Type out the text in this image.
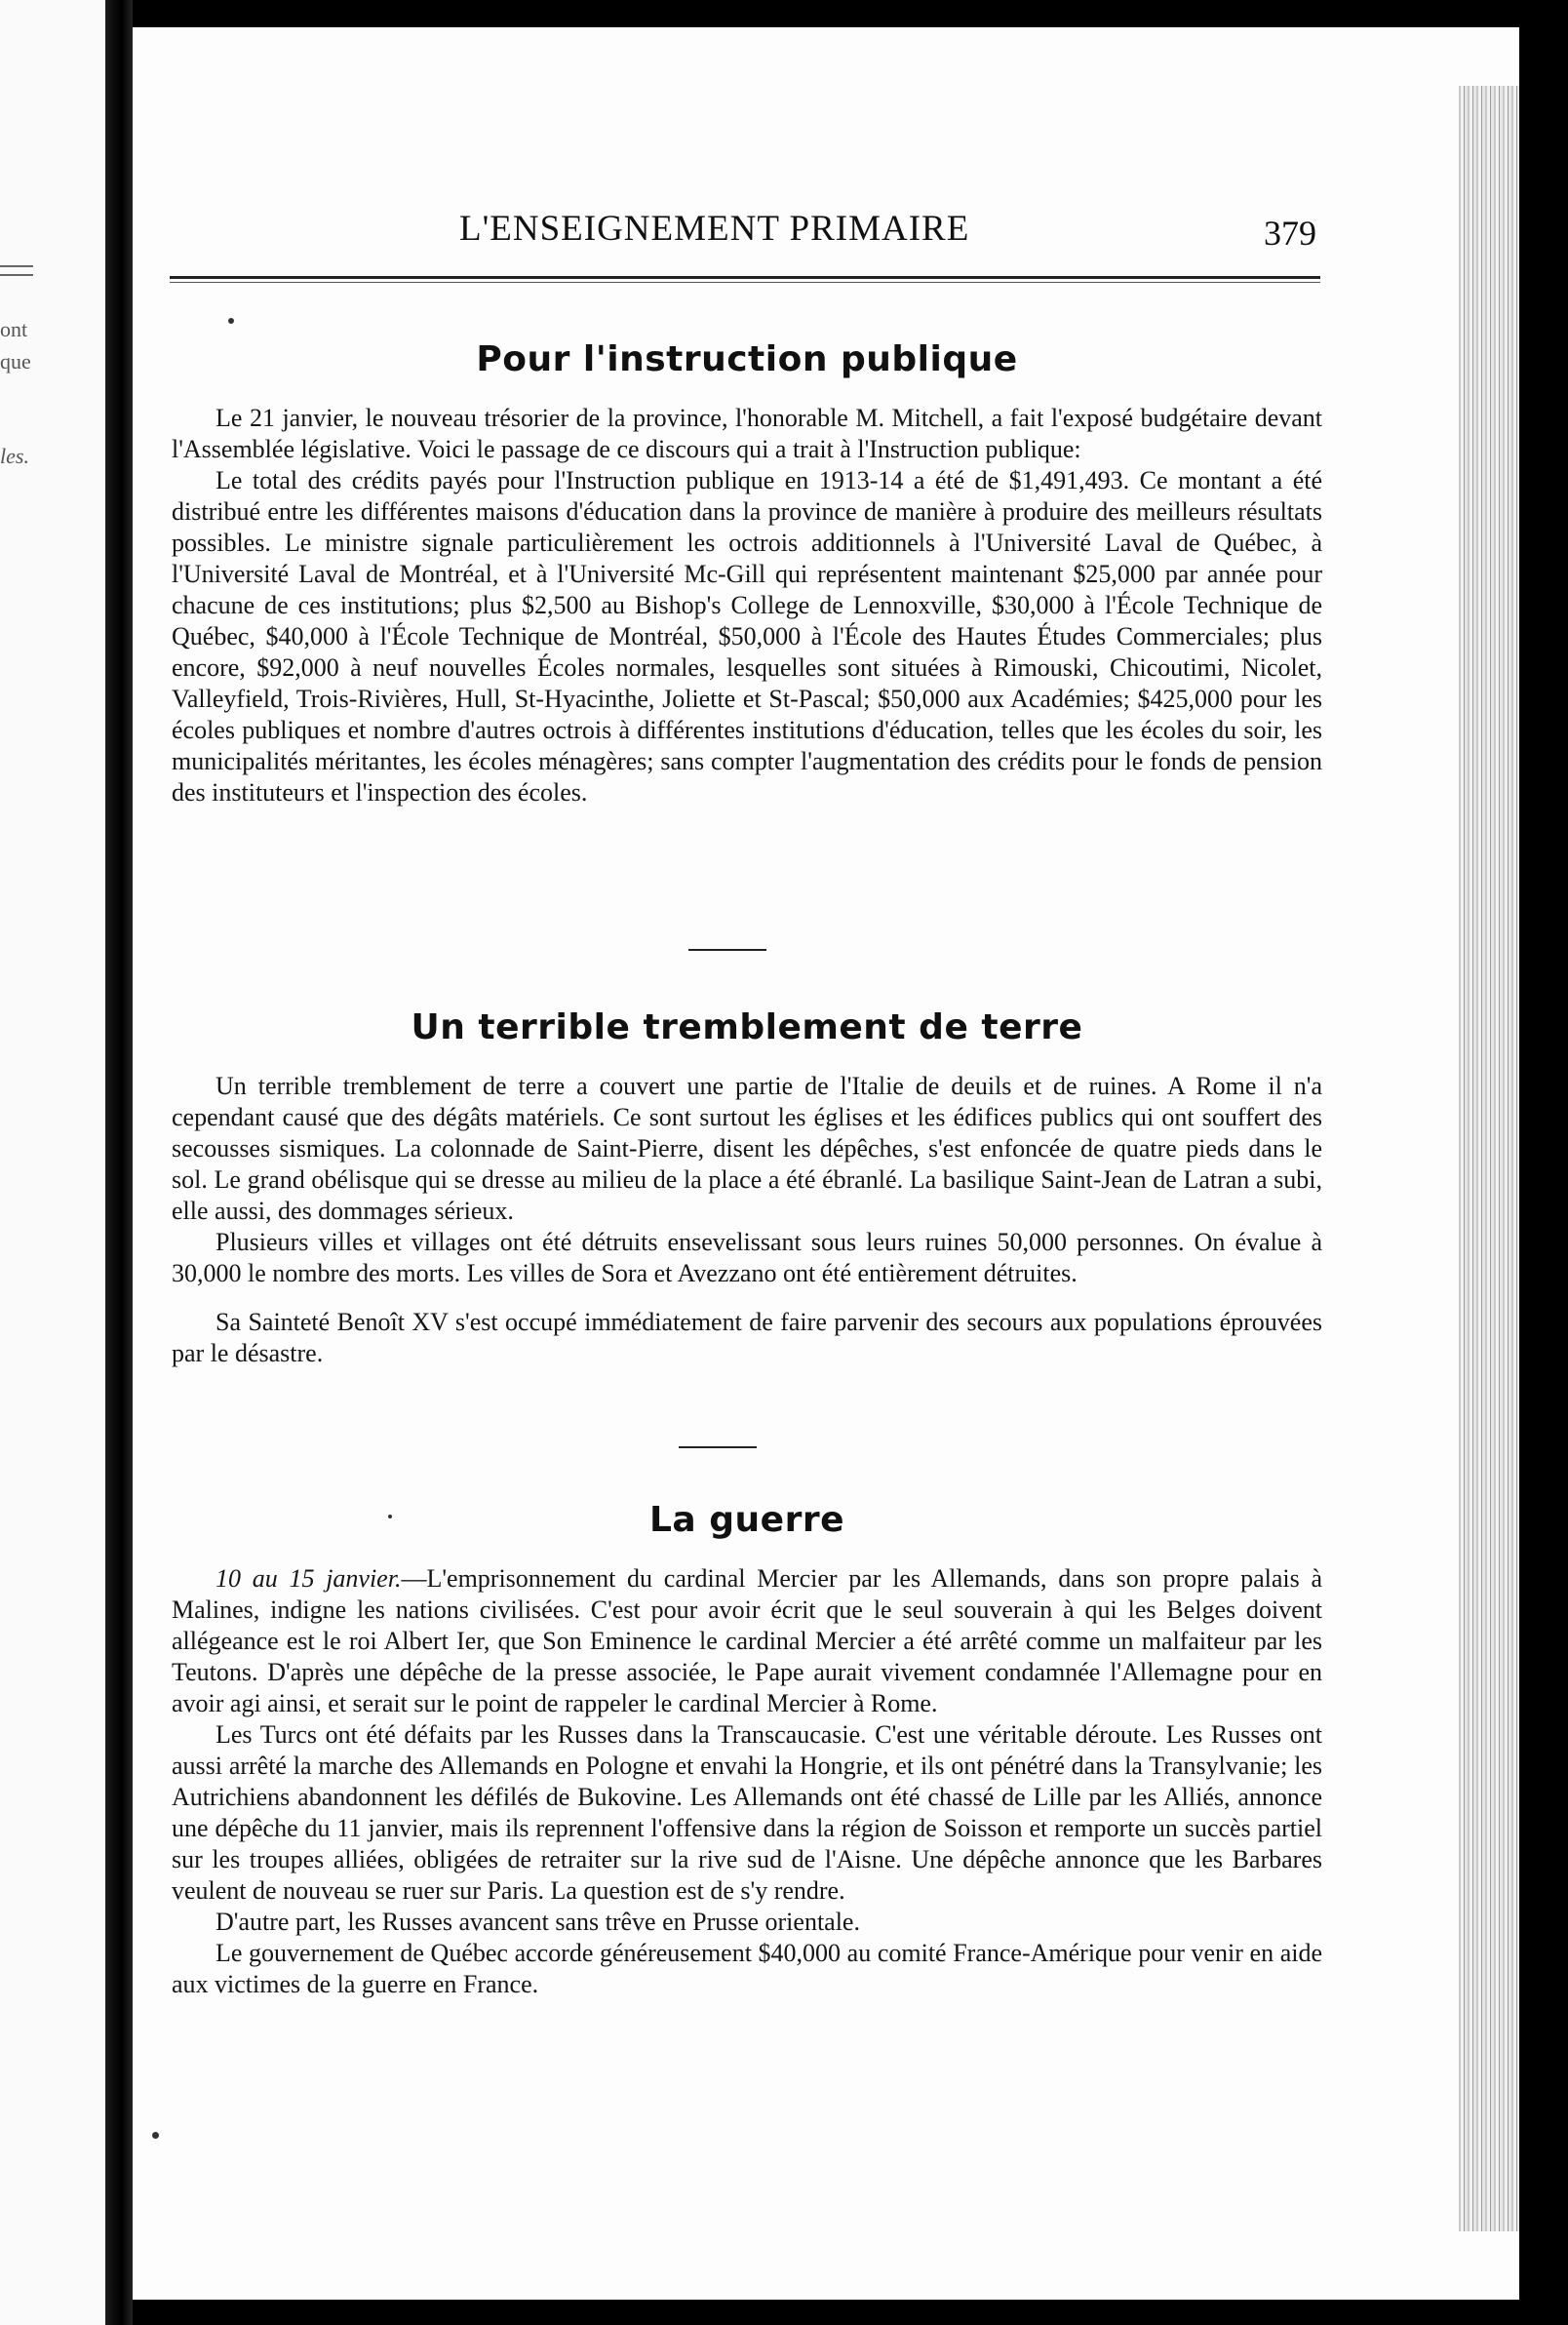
ont
que
les.
L'ENSEIGNEMENT PRIMAIRE	379
Pour l'instruction publique

Le 21 janvier, le nouveau trésorier de la province, l'honorable M. Mitchell, a fait l'exposé budgétaire devant l'Assemblée législative. Voici le passage de ce discours qui a trait à l'Instruction publique:

Le total des crédits payés pour l'Instruction publique en 1913-14 a été de $1,491,493. Ce montant a été distribué entre les différentes maisons d'éducation dans la province de manière à produire des meilleurs résultats possibles. Le ministre signale particulièrement les octrois additionnels à l'Université Laval de Québec, à l'Université Laval de Montréal, et à l'Université Mc-Gill qui représentent maintenant $25,000 par année pour chacune de ces institutions; plus $2,500 au Bishop's College de Lennoxville, $30,000 à l'École Technique de Québec, $40,000 à l'École Technique de Montréal, $50,000 à l'École des Hautes Études Commerciales; plus encore, $92,000 à neuf nouvelles Écoles normales, lesquelles sont situées à Rimouski, Chicoutimi, Nicolet, Valleyfield, Trois-Rivières, Hull, St-Hyacinthe, Joliette et St-Pascal; $50,000 aux Académies; $425,000 pour les écoles publiques et nombre d'autres octrois à différentes institutions d'éducation, telles que les écoles du soir, les municipalités méritantes, les écoles ménagères; sans compter l'augmentation des crédits pour le fonds de pension des instituteurs et l'inspection des écoles.

Un terrible tremblement de terre

Un terrible tremblement de terre a couvert une partie de l'Italie de deuils et de ruines. A Rome il n'a cependant causé que des dégâts matériels. Ce sont surtout les églises et les édifices publics qui ont souffert des secousses sismiques. La colonnade de Saint-Pierre, disent les dépêches, s'est enfoncée de quatre pieds dans le sol. Le grand obélisque qui se dresse au milieu de la place a été ébranlé. La basilique Saint-Jean de Latran a subi, elle aussi, des dommages sérieux.

Plusieurs villes et villages ont été détruits ensevelissant sous leurs ruines 50,000 personnes. On évalue à 30,000 le nombre des morts. Les villes de Sora et Avezzano ont été entièrement détruites.

Sa Sainteté Benoît XV s'est occupé immédiatement de faire parvenir des secours aux populations éprouvées par le désastre.

La guerre

10 au 15 janvier.—L'emprisonnement du cardinal Mercier par les Allemands, dans son propre palais à Malines, indigne les nations civilisées. C'est pour avoir écrit que le seul souverain à qui les Belges doivent allégeance est le roi Albert Ier, que Son Eminence le cardinal Mercier a été arrêté comme un malfaiteur par les Teutons. D'après une dépêche de la presse associée, le Pape aurait vivement condamnée l'Allemagne pour en avoir agi ainsi, et serait sur le point de rappeler le cardinal Mercier à Rome.

Les Turcs ont été défaits par les Russes dans la Transcaucasie. C'est une véritable déroute. Les Russes ont aussi arrêté la marche des Allemands en Pologne et envahi la Hongrie, et ils ont pénétré dans la Transylvanie; les Autrichiens abandonnent les défilés de Bukovine. Les Allemands ont été chassé de Lille par les Alliés, annonce une dépêche du 11 janvier, mais ils reprennent l'offensive dans la région de Soisson et remporte un succès partiel sur les troupes alliées, obligées de retraiter sur la rive sud de l'Aisne. Une dépêche annonce que les Barbares veulent de nouveau se ruer sur Paris. La question est de s'y rendre.

D'autre part, les Russes avancent sans trêve en Prusse orientale.

Le gouvernement de Québec accorde généreusement $40,000 au comité France-Amérique pour venir en aide aux victimes de la guerre en France.
